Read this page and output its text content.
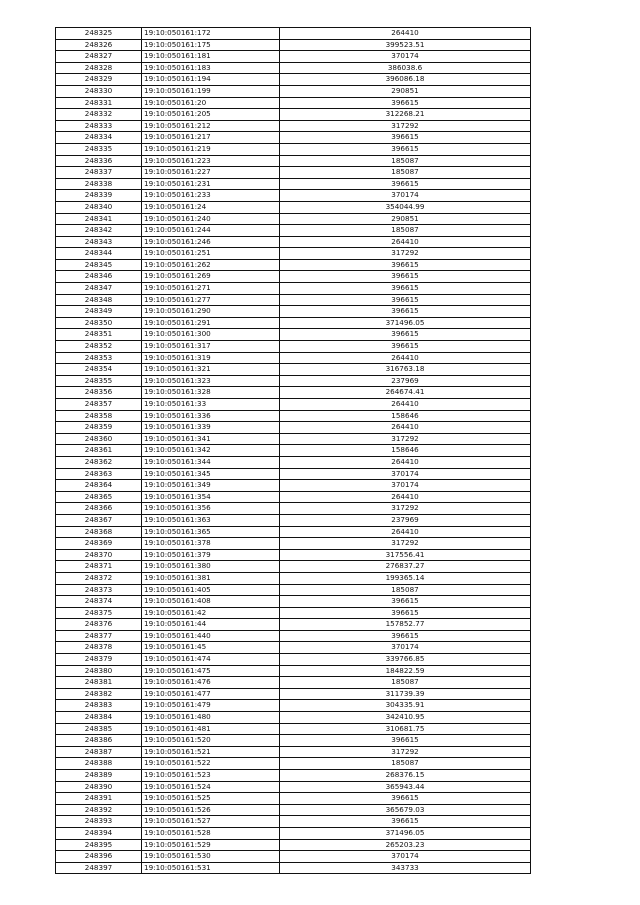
248325	19:10:050161:172	264410
248326	19:10:050161:175	399523.51
248327	19:10:050161:181	370174
248328	19:10:050161:183	386038.6
248329	19:10:050161:194	396086.18
248330	19:10:050161:199	290851
248331	19:10:050161:20	396615
248332	19:10:050161:205	312268.21
248333	19:10:050161:212	317292
248334	19:10:050161:217	396615
248335	19:10:050161:219	396615
248336	19:10:050161:223	185087
248337	19:10:050161:227	185087
248338	19:10:050161:231	396615
248339	19:10:050161:233	370174
248340	19:10:050161:24	354044.99
248341	19:10:050161:240	290851
248342	19:10:050161:244	185087
248343	19:10:050161:246	264410
248344	19:10:050161:251	317292
248345	19:10:050161:262	396615
248346	19:10:050161:269	396615
248347	19:10:050161:271	396615
248348	19:10:050161:277	396615
248349	19:10:050161:290	396615
248350	19:10:050161:291	371496.05
248351	19:10:050161:300	396615
248352	19:10:050161:317	396615
248353	19:10:050161:319	264410
248354	19:10:050161:321	316763.18
248355	19:10:050161:323	237969
248356	19:10:050161:328	264674.41
248357	19:10:050161:33	264410
248358	19:10:050161:336	158646
248359	19:10:050161:339	264410
248360	19:10:050161:341	317292
248361	19:10:050161:342	158646
248362	19:10:050161:344	264410
248363	19:10:050161:345	370174
248364	19:10:050161:349	370174
248365	19:10:050161:354	264410
248366	19:10:050161:356	317292
248367	19:10:050161:363	237969
248368	19:10:050161:365	264410
248369	19:10:050161:378	317292
248370	19:10:050161:379	317556.41
248371	19:10:050161:380	276837.27
248372	19:10:050161:381	199365.14
248373	19:10:050161:405	185087
248374	19:10:050161:408	396615
248375	19:10:050161:42	396615
248376	19:10:050161:44	157852.77
248377	19:10:050161:440	396615
248378	19:10:050161:45	370174
248379	19:10:050161:474	339766.85
248380	19:10:050161:475	184822.59
248381	19:10:050161:476	185087
248382	19:10:050161:477	311739.39
248383	19:10:050161:479	304335.91
248384	19:10:050161:480	342410.95
248385	19:10:050161:481	310681.75
248386	19:10:050161:520	396615
248387	19:10:050161:521	317292
248388	19:10:050161:522	185087
248389	19:10:050161:523	268376.15
248390	19:10:050161:524	365943.44
248391	19:10:050161:525	396615
248392	19:10:050161:526	365679.03
248393	19:10:050161:527	396615
248394	19:10:050161:528	371496.05
248395	19:10:050161:529	265203.23
248396	19:10:050161:530	370174
248397	19:10:050161:531	343733
